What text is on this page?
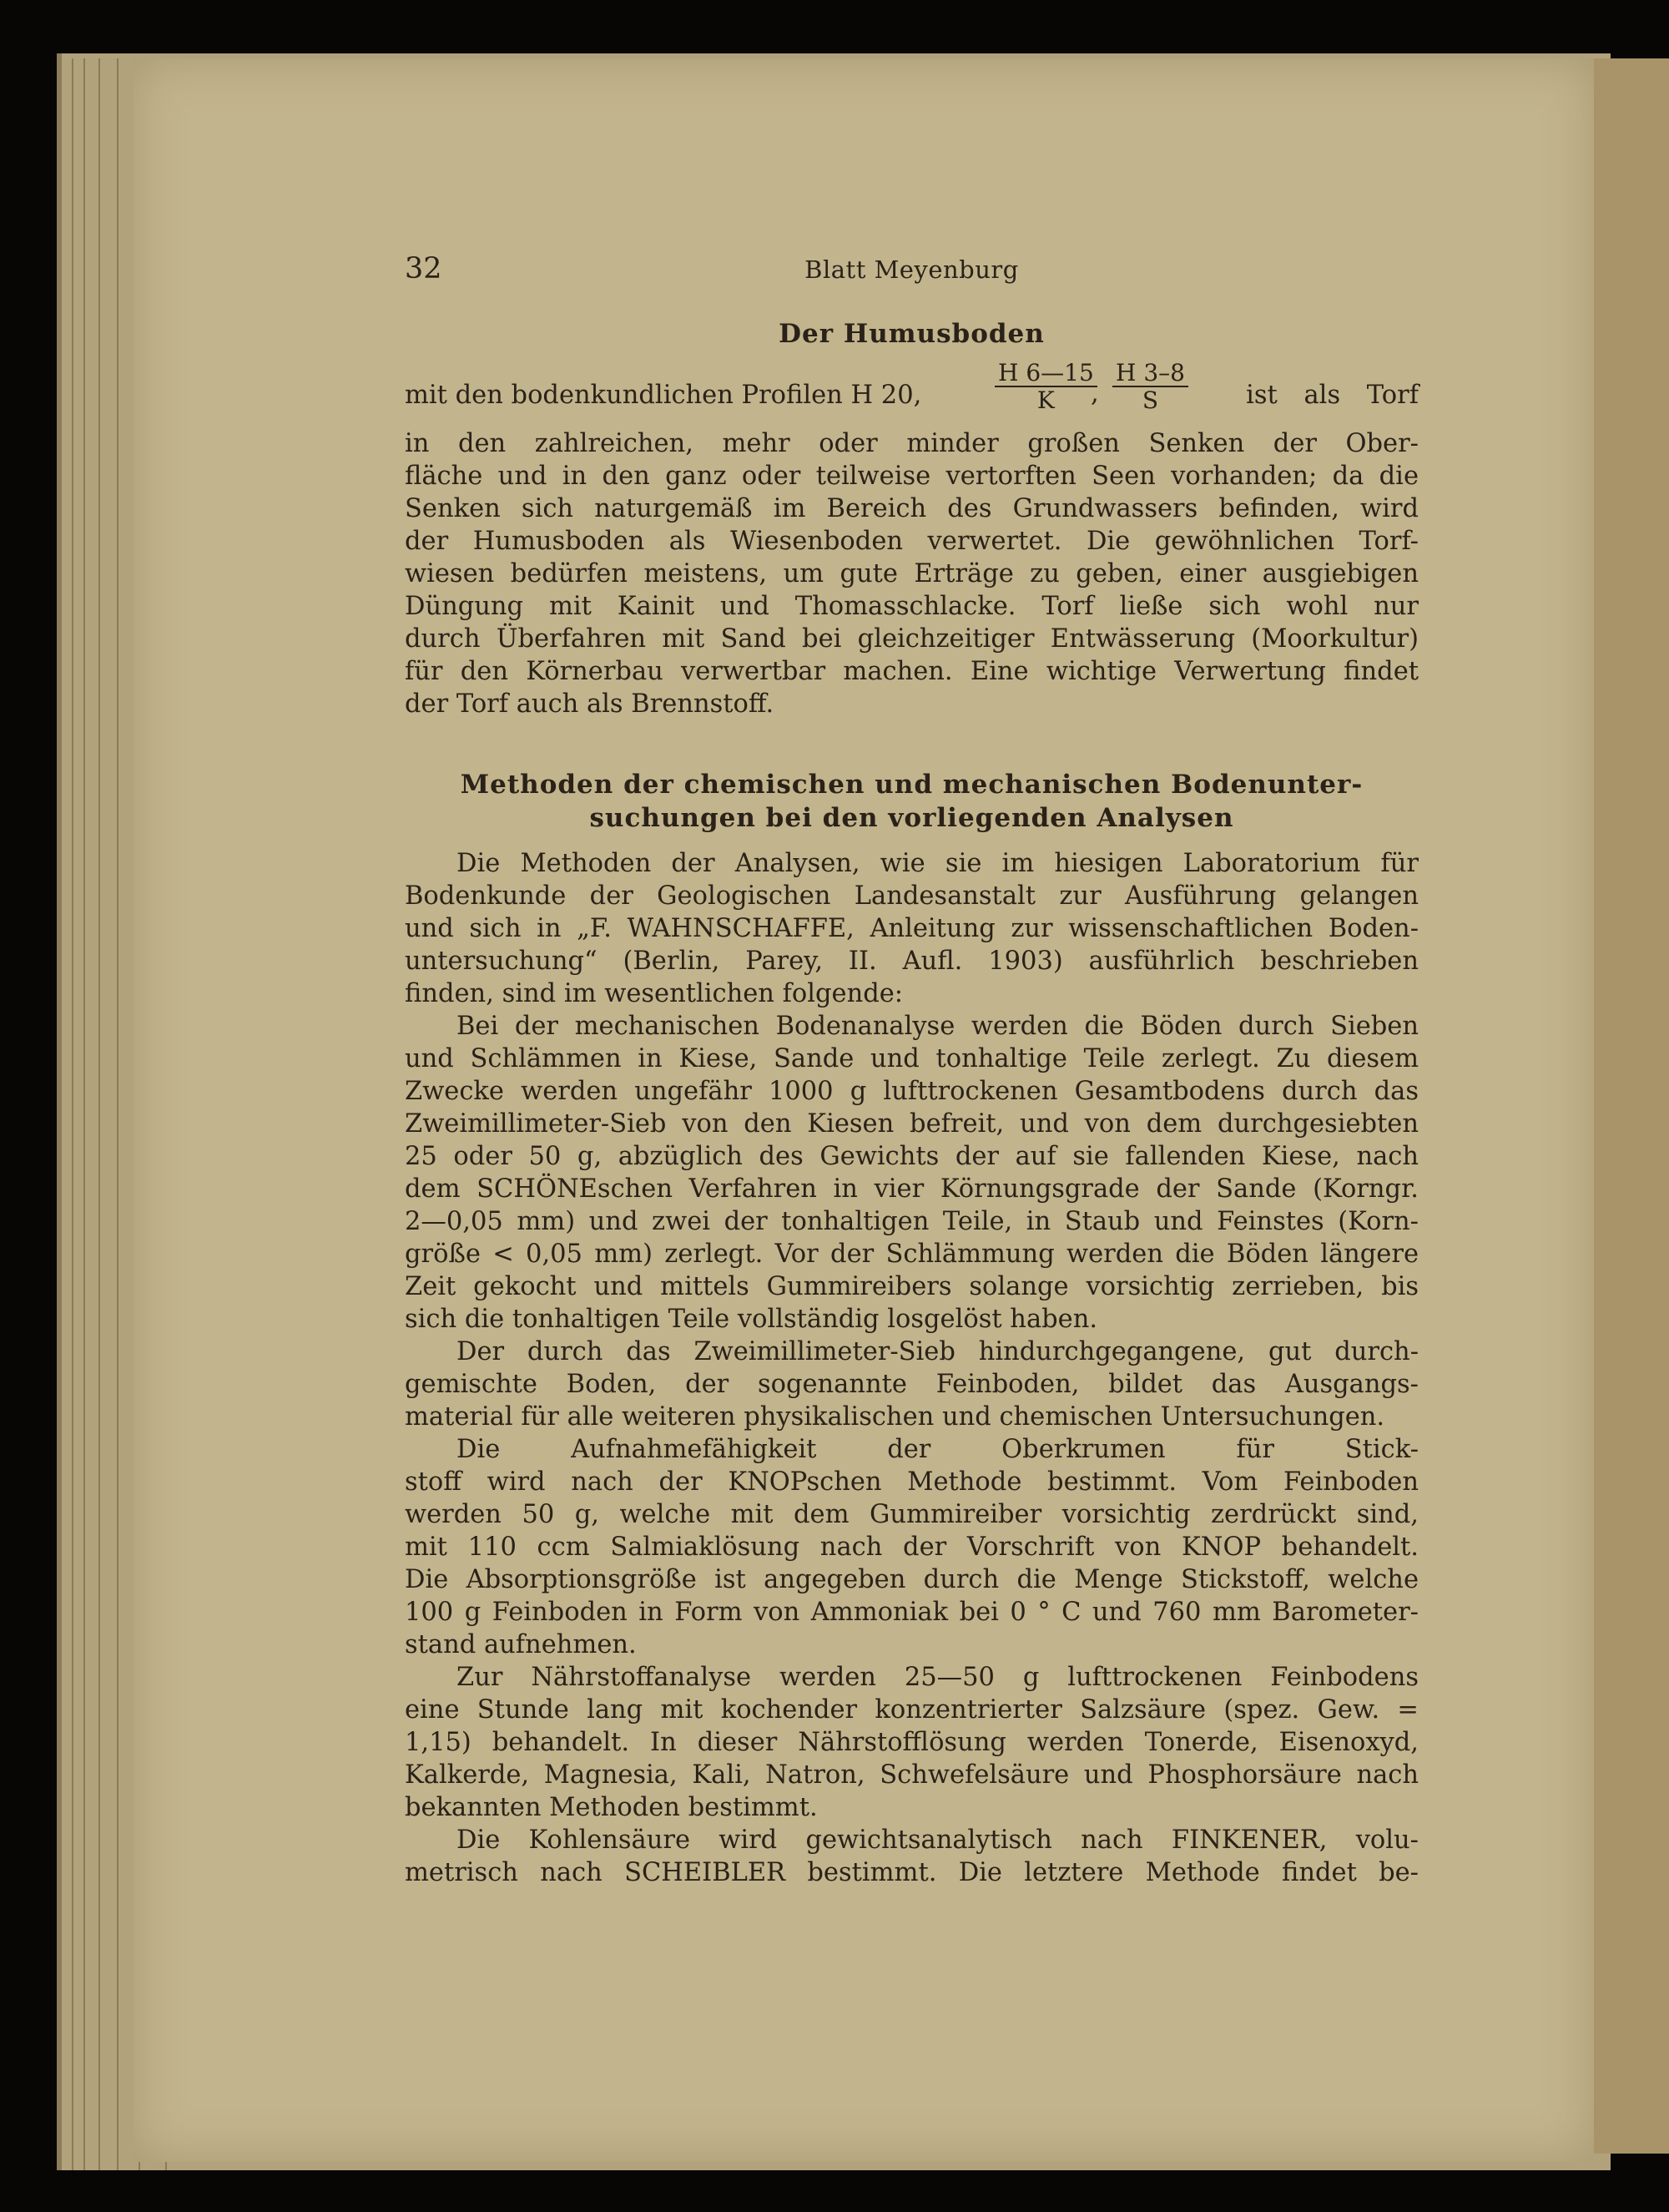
32	Blatt Meyenburg
Der Humusboden
mit den bodenkundlichen Profilen H 20,	$\frac{H 6—15}{K}$
, $\frac{H 3-8}{S}$ ist als Torf
in den zahlreichen, mehr oder minder großen Senken der Ober-
fläche und in den ganz oder teilweise vertorften Seen vorhanden; da die
Senken sich naturgemäß im Bereich des Grundwassers befinden, wird
der Humusboden als Wiesenboden verwertet. Die gewöhnlichen Torf-
wiesen bedürfen meistens, um gute Erträge zu geben, einer ausgiebigen
Düngung mit Kainit und Thomasschlacke. Torf ließe sich wohl nur
durch Überfahren mit Sand bei gleichzeitiger Entwässerung (Moorkultur)
für den Körnerbau verwertbar machen. Eine wichtige Verwertung findet
der Torf auch als Brennstoff.
Methoden der chemischen und mechanischen Bodenunter-
suchungen bei den vorliegenden Analysen
Die Methoden der Analysen, wie sie im hiesigen Laboratorium für
Bodenkunde der Geologischen Landesanstalt zur Ausführung gelangen
und sich in „F. WAHNSCHAFFE, Anleitung zur wissenschaftlichen Boden-
untersuchung“ (Berlin, Parey, II. Aufl. 1903) ausführlich beschrieben
finden, sind im wesentlichen folgende:
Bei der mechanischen Bodenanalyse werden die Böden durch Sieben
und Schlämmen in Kiese, Sande und tonhaltige Teile zerlegt. Zu diesem
Zwecke werden ungefähr 1000 g lufttrockenen Gesamtbodens durch das
Zweimillimeter-Sieb von den Kiesen befreit, und von dem durchgesiebten
25 oder 50 g, abzüglich des Gewichts der auf sie fallenden Kiese, nach
dem SCHÖNEschen Verfahren in vier Körnungsgrade der Sande (Korngr.
2—0,05 mm) und zwei der tonhaltigen Teile, in Staub und Feinstes (Korn-
größe < 0,05 mm) zerlegt. Vor der Schlämmung werden die Böden längere
Zeit gekocht und mittels Gummireibers solange vorsichtig zerrieben, bis
sich die tonhaltigen Teile vollständig losgelöst haben.
Der durch das Zweimillimeter-Sieb hindurchgegangene, gut durch-
gemischte Boden, der sogenannte Feinboden, bildet das Ausgangs-
material für alle weiteren physikalischen und chemischen Untersuchungen.
Die Aufnahmefähigkeit der Oberkrumen für Stick-
stoff wird nach der KNOPschen Methode bestimmt. Vom Feinboden
werden 50 g, welche mit dem Gummireiber vorsichtig zerdrückt sind,
mit 110 ccm Salmiaklösung nach der Vorschrift von KNOP behandelt.
Die Absorptionsgröße ist angegeben durch die Menge Stickstoff, welche
100 g Feinboden in Form von Ammoniak bei 0 ° C und 760 mm Barometer-
stand aufnehmen.
Zur Nährstoffanalyse werden 25—50 g lufttrockenen Feinbodens
eine Stunde lang mit kochender konzentrierter Salzsäure (spez. Gew. =
1,15) behandelt. In dieser Nährstofflösung werden Tonerde, Eisenoxyd,
Kalkerde, Magnesia, Kali, Natron, Schwefelsäure und Phosphorsäure nach
bekannten Methoden bestimmt.
Die Kohlensäure wird gewichtsanalytisch nach FINKENER, volu-
metrisch nach SCHEIBLER bestimmt. Die letztere Methode findet be-
